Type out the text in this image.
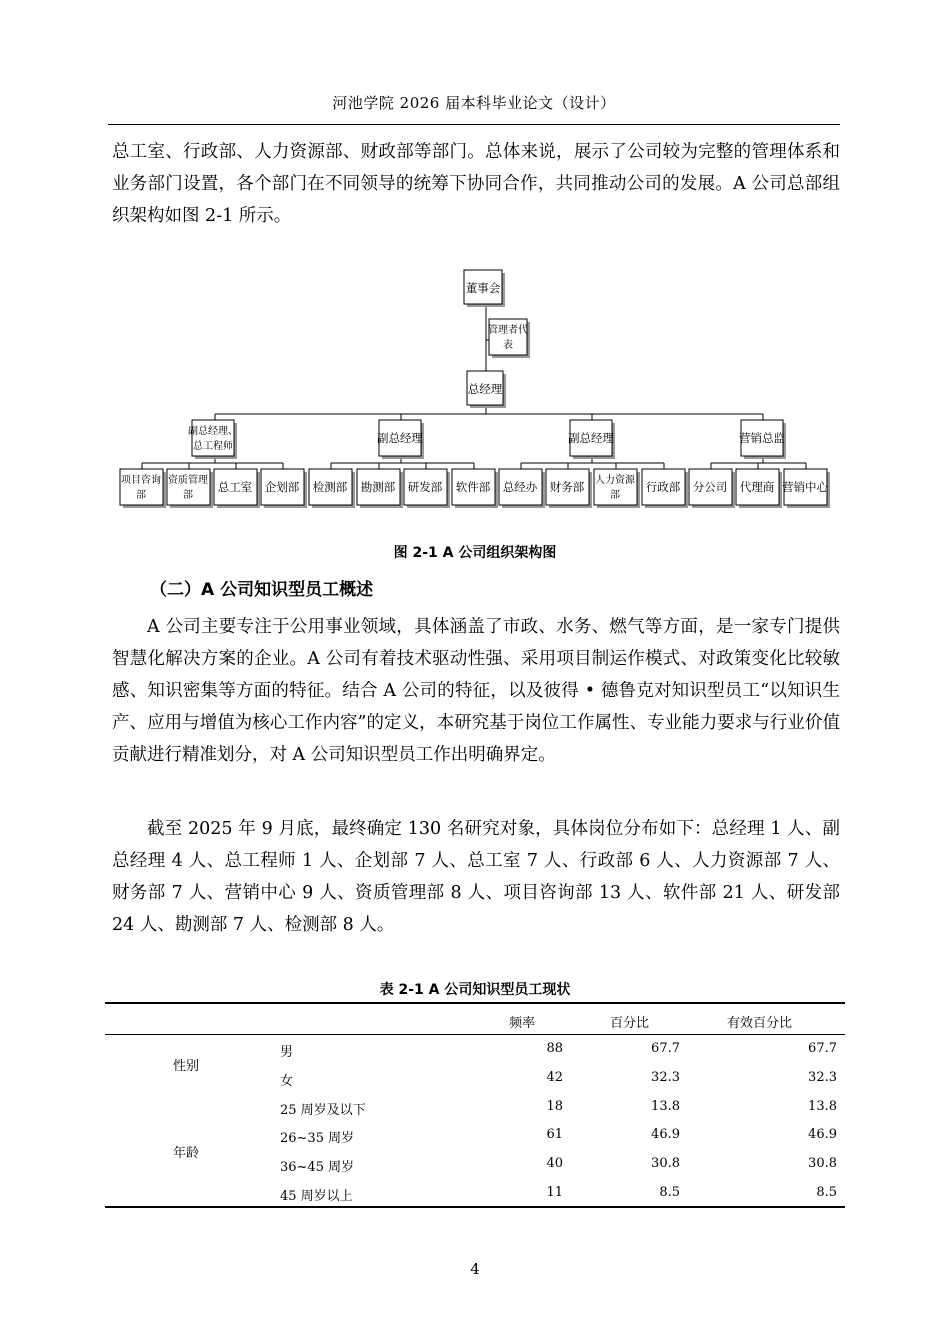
河池学院 2026 届本科毕业论文（设计）

总工室、行政部、人力资源部、财政部等部门。总体来说，展示了公司较为完整的管理体系和业务部门设置，各个部门在不同领导的统筹下协同合作，共同推动公司的发展。A 公司总部组织架构如图 2-1 所示。

董事会
管理者代
表
总经理
副总经理、
总工程师
副总经理	副总经理	营销总监
项目咨询
部
资质管理
部
总工室 企划部 检测部 勘测部 研发部 软件部 总经办 财务部 人力资源
部
行政部 分公司 代理商 营销中心
图 2-1 A 公司组织架构图
（二）A 公司知识型员工概述

A 公司主要专注于公用事业领域，具体涵盖了市政、水务、燃气等方面，是一家专门提供智慧化解决方案的企业。A 公司有着技术驱动性强、采用项目制运作模式、对政策变化比较敏感、知识密集等方面的特征。结合 A 公司的特征，以及彼得 • 德鲁克对知识型员工“以知识生产、应用与增值为核心工作内容”的定义，本研究基于岗位工作属性、专业能力要求与行业价值贡献进行精准划分，对 A 公司知识型员工作出明确界定。

截至 2025 年 9 月底，最终确定 130 名研究对象，具体岗位分布如下：总经理 1 人、副总经理 4 人、总工程师 1 人、企划部 7 人、总工室 7 人、行政部 6 人、人力资源部 7 人、财务部 7 人、营销中心 9 人、资质管理部 8 人、项目咨询部 13 人、软件部 21 人、研发部 24 人、勘测部 7 人、检测部 8 人。

表 2-1 A 公司知识型员工现状
频率	百分比	有效百分比
性别
年龄
男	88	67.7	67.7
女	42	32.3	32.3
25 周岁及以下	18	13.8	13.8
26~35 周岁	61	46.9	46.9
36~45 周岁	40	30.8	30.8
45 周岁以上	11	8.5	8.5
4
